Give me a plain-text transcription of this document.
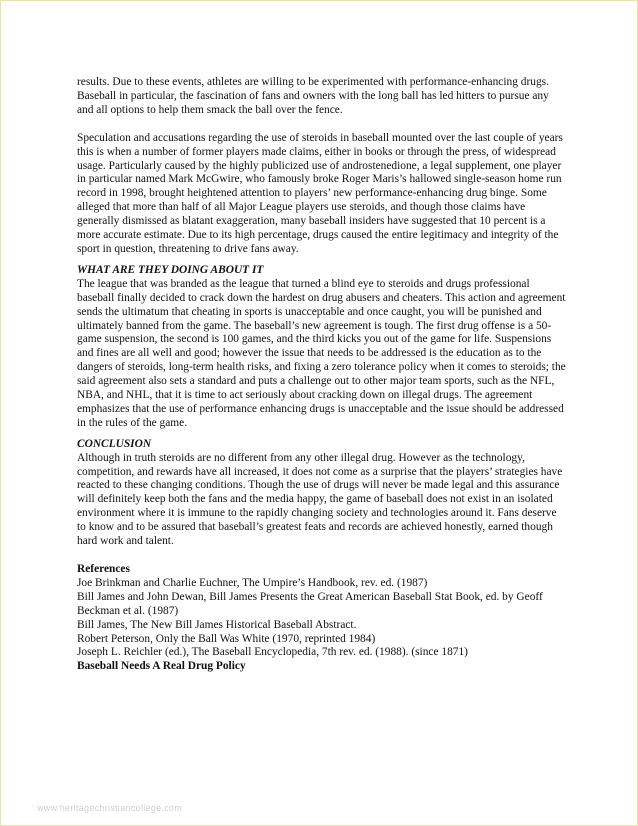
results. Due to these events, athletes are willing to be experimented with performance-enhancing drugs. Baseball in particular, the fascination of fans and owners with the long ball has led hitters to pursue any and all options to help them smack the ball over the fence.

Speculation and accusations regarding the use of steroids in baseball mounted over the last couple of years this is when a number of former players made claims, either in books or through the press, of widespread usage. Particularly caused by the highly publicized use of androstenedione, a legal supplement, one player in particular named Mark McGwire, who famously broke Roger Maris’s hallowed single-season home run record in 1998, brought heightened attention to players’ new performance-enhancing drug binge. Some alleged that more than half of all Major League players use steroids, and though those claims have generally dismissed as blatant exaggeration, many baseball insiders have suggested that 10 percent is a more accurate estimate. Due to its high percentage, drugs caused the entire legitimacy and integrity of the sport in question, threatening to drive fans away.

WHAT ARE THEY DOING ABOUT IT

The league that was branded as the league that turned a blind eye to steroids and drugs professional baseball finally decided to crack down the hardest on drug abusers and cheaters. This action and agreement sends the ultimatum that cheating in sports is unacceptable and once caught, you will be punished and ultimately banned from the game. The baseball’s new agreement is tough. The first drug offense is a 50-game suspension, the second is 100 games, and the third kicks you out of the game for life. Suspensions and fines are all well and good; however the issue that needs to be addressed is the education as to the dangers of steroids, long-term health risks, and fixing a zero tolerance policy when it comes to steroids; the said agreement also sets a standard and puts a challenge out to other major team sports, such as the NFL, NBA, and NHL, that it is time to act seriously about cracking down on illegal drugs. The agreement emphasizes that the use of performance enhancing drugs is unacceptable and the issue should be addressed in the rules of the game.

CONCLUSION

Although in truth steroids are no different from any other illegal drug. However as the technology, competition, and rewards have all increased, it does not come as a surprise that the players’ strategies have reacted to these changing conditions. Though the use of drugs will never be made legal and this assurance will definitely keep both the fans and the media happy, the game of baseball does not exist in an isolated environment where it is immune to the rapidly changing society and technologies around it. Fans deserve to know and to be assured that baseball’s greatest feats and records are achieved honestly, earned though hard work and talent.

References

Joe Brinkman and Charlie Euchner, The Umpire’s Handbook, rev. ed. (1987)

Bill James and John Dewan, Bill James Presents the Great American Baseball Stat Book, ed. by Geoff Beckman et al. (1987)

Bill James, The New Bill James Historical Baseball Abstract.

Robert Peterson, Only the Ball Was White (1970, reprinted 1984)

Joseph L. Reichler (ed.), The Baseball Encyclopedia, 7th rev. ed. (1988). (since 1871)

Baseball Needs A Real Drug Policy

www.heritagechristiancollege.com
